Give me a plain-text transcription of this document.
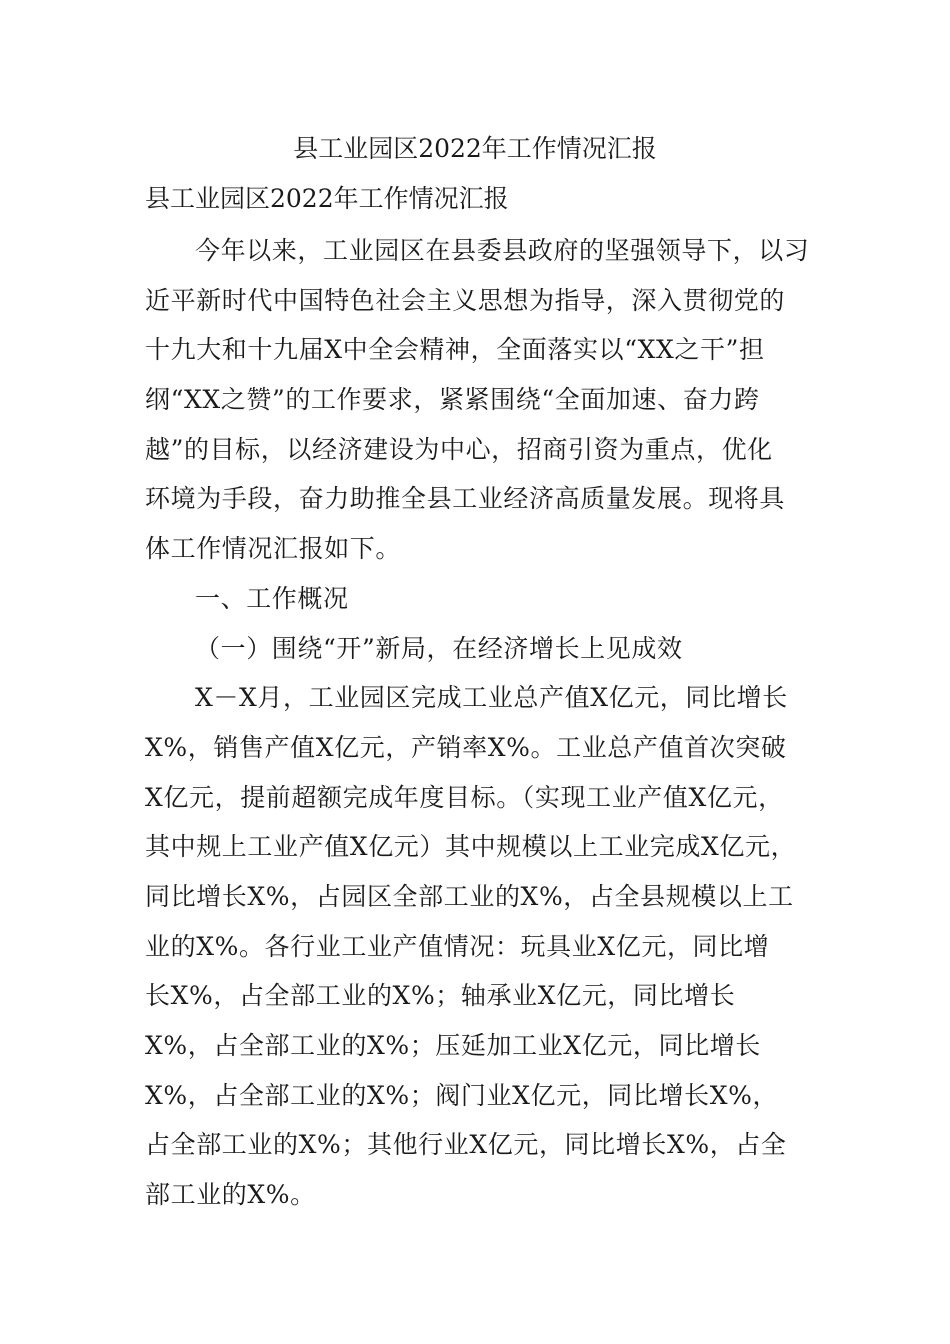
县工业园区2022年工作情况汇报
县工业园区2022年工作情况汇报
今年以来，工业园区在县委县政府的坚强领导下，以习
近平新时代中国特色社会主义思想为指导，深入贯彻党的
十九大和十九届X中全会精神，全面落实以“XX之干”担
纲“XX之赞”的工作要求，紧紧围绕“全面加速、奋力跨
越”的目标，以经济建设为中心，招商引资为重点，优化
环境为手段，奋力助推全县工业经济高质量发展。现将具
体工作情况汇报如下。
一、工作概况
（一）围绕“开”新局，在经济增长上见成效
X－X月，工业园区完成工业总产值X亿元，同比增长
X%，销售产值X亿元，产销率X%。工业总产值首次突破
X亿元，提前超额完成年度目标。（实现工业产值X亿元，
其中规上工业产值X亿元）其中规模以上工业完成X亿元，
同比增长X%，占园区全部工业的X%，占全县规模以上工
业的X%。各行业工业产值情况：玩具业X亿元，同比增
长X%，占全部工业的X%；轴承业X亿元，同比增长
X%，占全部工业的X%；压延加工业X亿元，同比增长
X%，占全部工业的X%；阀门业X亿元，同比增长X%，
占全部工业的X%；其他行业X亿元，同比增长X%，占全
部工业的X%。
